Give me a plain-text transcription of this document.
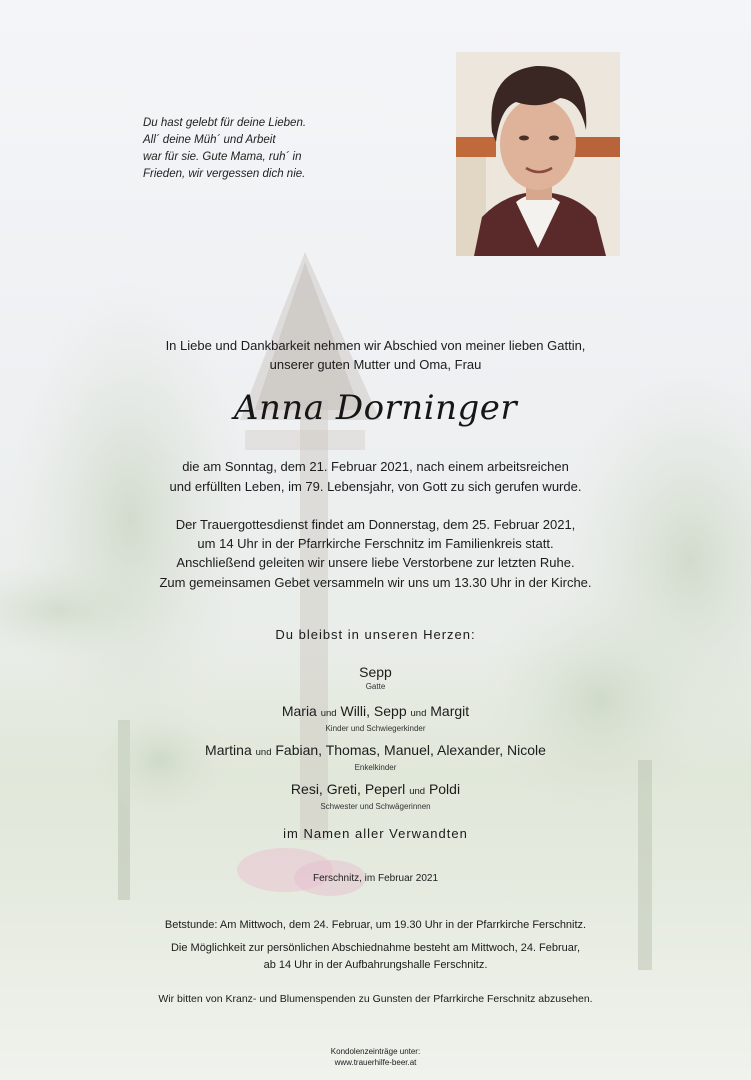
Du hast gelebt für deine Lieben.
All´ deine Müh´ und Arbeit
war für sie. Gute Mama, ruh´ in
Frieden, wir vergessen dich nie.
In Liebe und Dankbarkeit nehmen wir Abschied von meiner lieben Gattin,
unserer guten Mutter und Oma, Frau
Anna Dorninger
die am Sonntag, dem 21. Februar 2021, nach einem arbeitsreichen
und erfüllten Leben, im 79. Lebensjahr, von Gott zu sich gerufen wurde.
Der Trauergottesdienst findet am Donnerstag, dem 25. Februar 2021,
um 14 Uhr in der Pfarrkirche Ferschnitz im Familienkreis statt.
Anschließend geleiten wir unsere liebe Verstorbene zur letzten Ruhe.
Zum gemeinsamen Gebet versammeln wir uns um 13.30 Uhr in der Kirche.
Du bleibst in unseren Herzen:
Sepp
Gatte
Maria und Willi, Sepp und Margit
Kinder und Schwiegerkinder
Martina und Fabian, Thomas, Manuel, Alexander, Nicole
Enkelkinder
Resi, Greti, Peperl und Poldi
Schwester und Schwägerinnen
im Namen aller Verwandten
Ferschnitz, im Februar 2021
Betstunde: Am Mittwoch, dem 24. Februar, um 19.30 Uhr in der Pfarrkirche Ferschnitz.
Die Möglichkeit zur persönlichen Abschiednahme besteht am Mittwoch, 24. Februar,
ab 14 Uhr in der Aufbahrungshalle Ferschnitz.
Wir bitten von Kranz- und Blumenspenden zu Gunsten der Pfarrkirche Ferschnitz abzusehen.
Kondolenzeinträge unter:
www.trauerhilfe-beer.at
